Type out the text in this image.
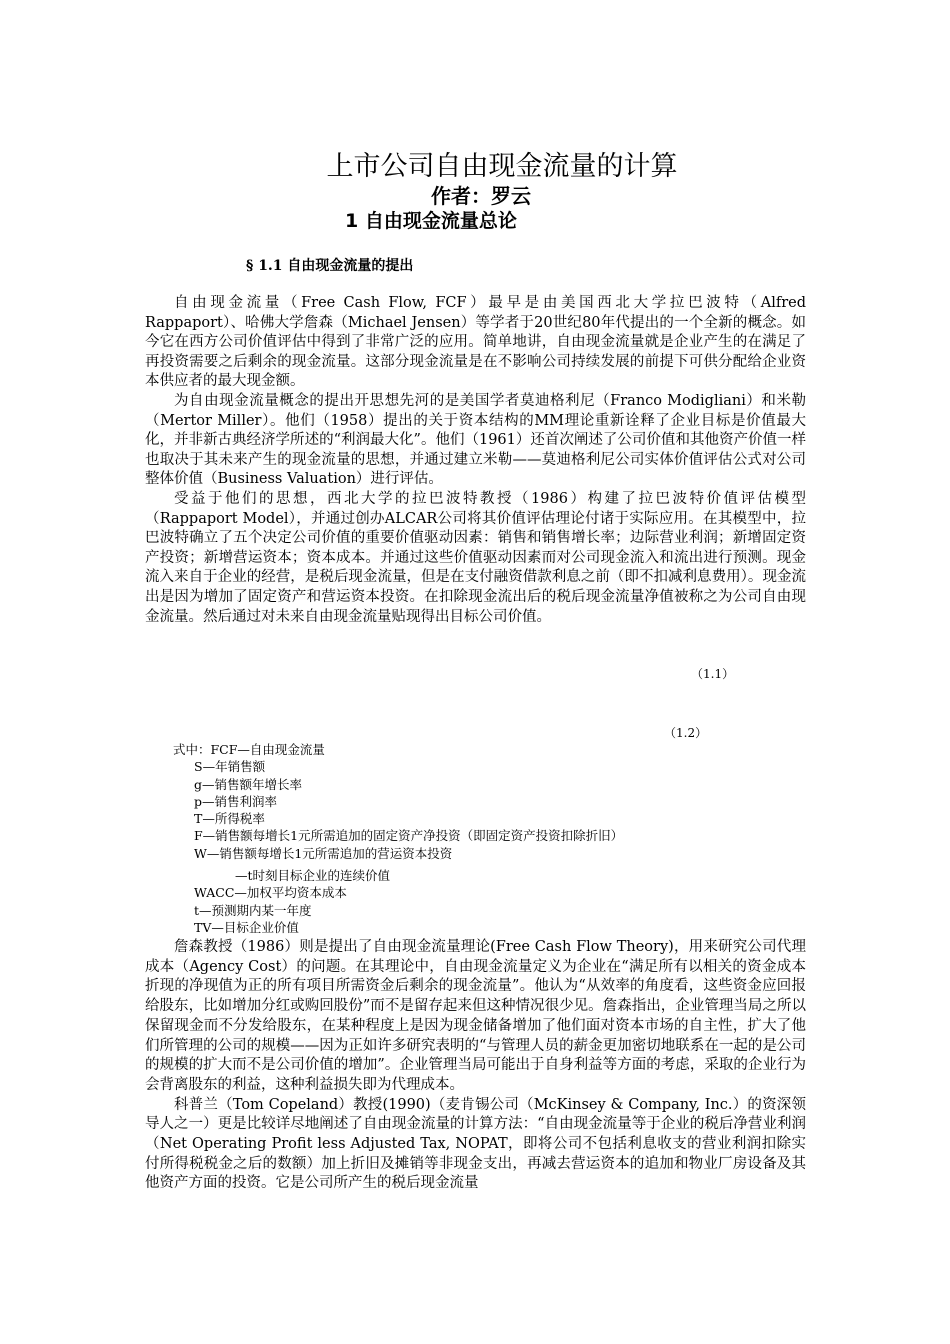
上市公司自由现金流量的计算
作者：罗云
1 自由现金流量总论
§ 1.1 自由现金流量的提出

自由现金流量（Free Cash Flow, FCF）最早是由美国西北大学拉巴波特（Alfred Rappaport）、哈佛大学詹森（Michael Jensen）等学者于20世纪80年代提出的一个全新的概念。如今它在西方公司价值评估中得到了非常广泛的应用。简单地讲，自由现金流量就是企业产生的在满足了再投资需要之后剩余的现金流量。这部分现金流量是在不影响公司持续发展的前提下可供分配给企业资本供应者的最大现金额。

为自由现金流量概念的提出开思想先河的是美国学者莫迪格利尼（Franco Modigliani）和米勒（Mertor Miller）。他们（1958）提出的关于资本结构的MM理论重新诠释了企业目标是价值最大化，并非新古典经济学所述的“利润最大化”。他们（1961）还首次阐述了公司价值和其他资产价值一样也取决于其未来产生的现金流量的思想，并通过建立米勒——莫迪格利尼公司实体价值评估公式对公司整体价值（Business Valuation）进行评估。

受益于他们的思想，西北大学的拉巴波特教授（1986）构建了拉巴波特价值评估模型（Rappaport Model），并通过创办ALCAR公司将其价值评估理论付诸于实际应用。在其模型中，拉巴波特确立了五个决定公司价值的重要价值驱动因素：销售和销售增长率；边际营业利润；新增固定资产投资；新增营运资本；资本成本。并通过这些价值驱动因素而对公司现金流入和流出进行预测。现金流入来自于企业的经营，是税后现金流量，但是在支付融资借款利息之前（即不扣减利息费用）。现金流出是因为增加了固定资产和营运资本投资。在扣除现金流出后的税后现金流量净值被称之为公司自由现金流量。然后通过对未来自由现金流量贴现得出目标公司价值。

（1.1）
（1.2）
式中：FCF—自由现金流量
S—年销售额
g—销售额年增长率
p—销售利润率
T—所得税率
F—销售额每增长1元所需追加的固定资产净投资（即固定资产投资扣除折旧）
W—销售额每增长1元所需追加的营运资本投资
—t时刻目标企业的连续价值
WACC—加权平均资本成本
t—预测期内某一年度
TV—目标企业价值

詹森教授（1986）则是提出了自由现金流量理论(Free Cash Flow Theory)，用来研究公司代理成本（Agency Cost）的问题。在其理论中，自由现金流量定义为企业在“满足所有以相关的资金成本折现的净现值为正的所有项目所需资金后剩余的现金流量”。他认为“从效率的角度看，这些资金应回报给股东，比如增加分红或购回股份”而不是留存起来但这种情况很少见。詹森指出，企业管理当局之所以保留现金而不分发给股东，在某种程度上是因为现金储备增加了他们面对资本市场的自主性，扩大了他们所管理的公司的规模——因为正如许多研究表明的“与管理人员的薪金更加密切地联系在一起的是公司的规模的扩大而不是公司价值的增加”。企业管理当局可能出于自身利益等方面的考虑，采取的企业行为会背离股东的利益，这种利益损失即为代理成本。

科普兰（Tom Copeland）教授(1990)（麦肯锡公司（McKinsey & Company, Inc.）的资深领导人之一）更是比较详尽地阐述了自由现金流量的计算方法：“自由现金流量等于企业的税后净营业利润（Net Operating Profit less Adjusted Tax, NOPAT，即将公司不包括利息收支的营业利润扣除实付所得税税金之后的数额）加上折旧及摊销等非现金支出，再减去营运资本的追加和物业厂房设备及其他资产方面的投资。它是公司所产生的税后现金流量
